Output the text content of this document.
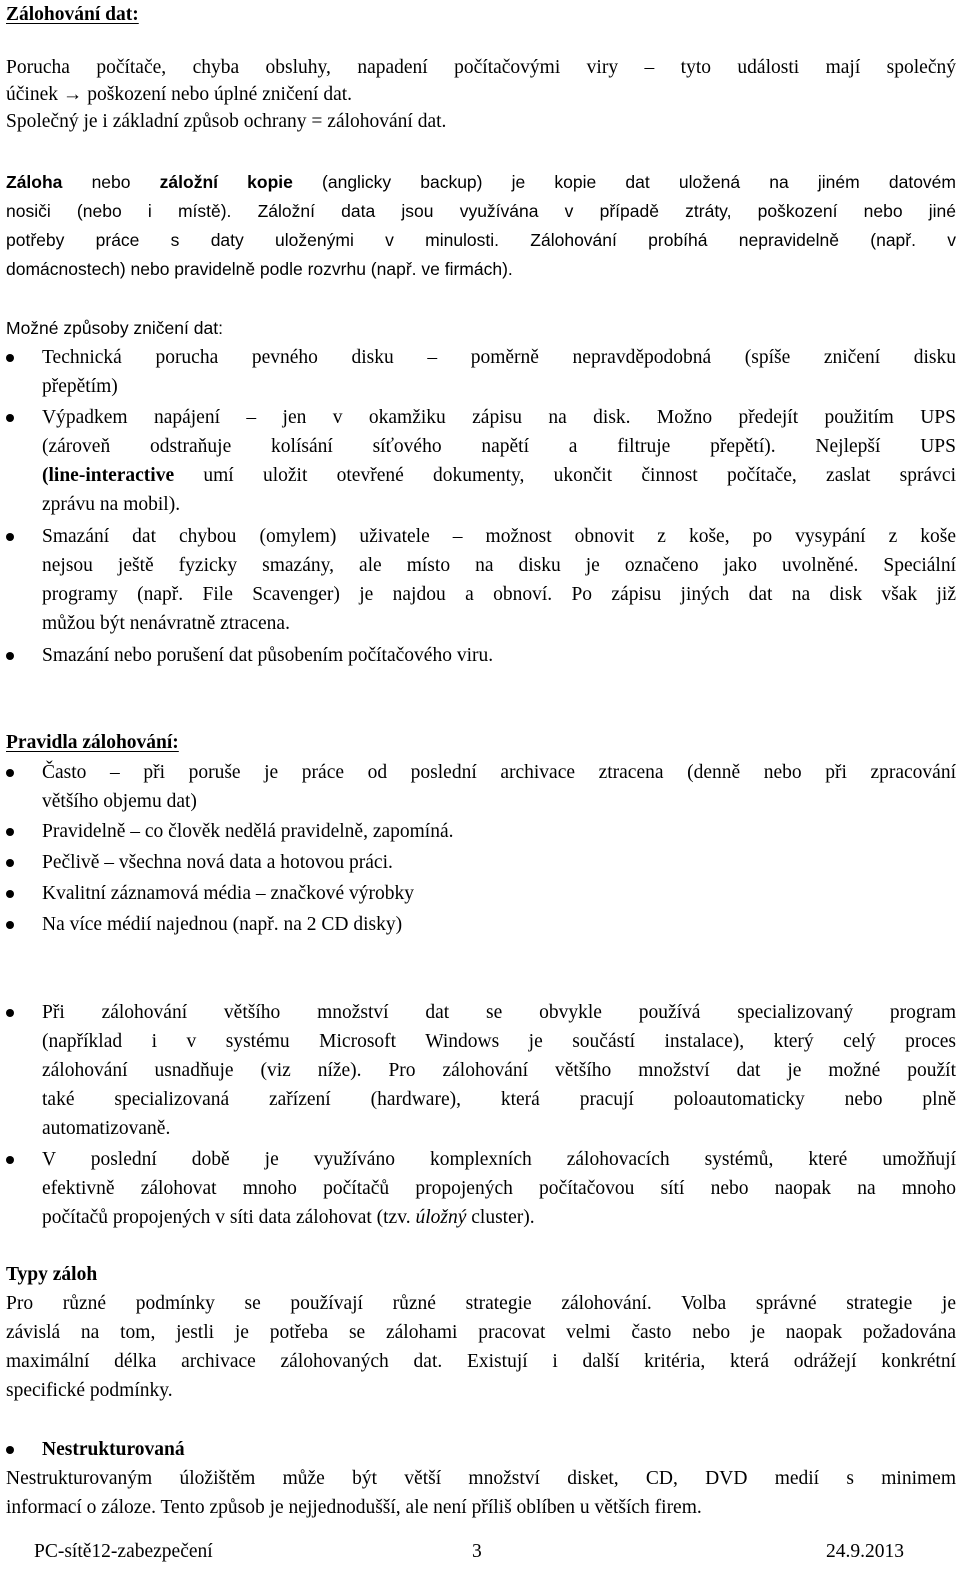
Zálohování dat:
Porucha počítače, chyba obsluhy, napadení počítačovými viry – tyto události mají společný
účinek → poškození nebo úplné zničení dat.
Společný je i základní způsob ochrany = zálohování dat.
Záloha nebo záložní kopie (anglicky backup) je kopie dat uložená na jiném datovém
nosiči (nebo i místě). Záložní data jsou využívána v případě ztráty, poškození nebo jiné
potřeby práce s daty uloženými v minulosti. Zálohování probíhá nepravidelně (např. v
domácnostech) nebo pravidelně podle rozvrhu (např. ve firmách).
Možné způsoby zničení dat:
Technická porucha pevného disku – poměrně nepravděpodobná (spíše zničení disku
přepětím)
Výpadkem napájení – jen v okamžiku zápisu na disk. Možno předejít použitím UPS
(zároveň odstraňuje kolísání síťového napětí a filtruje přepětí). Nejlepší UPS
(line-interactive umí uložit otevřené dokumenty, ukončit činnost počítače, zaslat správci
zprávu na mobil).
Smazání dat chybou (omylem) uživatele – možnost obnovit z koše, po vysypání z koše
nejsou ještě fyzicky smazány, ale místo na disku je označeno jako uvolněné. Speciální
programy (např. File Scavenger) je najdou a obnoví. Po zápisu jiných dat na disk však již
můžou být nenávratně ztracena.
Smazání nebo porušení dat působením počítačového viru.
Pravidla zálohování:
Často – při poruše je práce od poslední archivace ztracena (denně nebo při zpracování
většího objemu dat)
Pravidelně – co člověk nedělá pravidelně, zapomíná.
Pečlivě – všechna nová data a hotovou práci.
Kvalitní záznamová média – značkové výrobky
Na více médií najednou (např. na 2 CD disky)
Při zálohování většího množství dat se obvykle používá specializovaný program
(například i v systému Microsoft Windows je součástí instalace), který celý proces
zálohování usnadňuje (viz níže). Pro zálohování většího množství dat je možné použít
také specializovaná zařízení (hardware), která pracují poloautomaticky nebo plně
automatizovaně.
V poslední době je využíváno komplexních zálohovacích systémů, které umožňují
efektivně zálohovat mnoho počítačů propojených počítačovou sítí nebo naopak na mnoho
počítačů propojených v síti data zálohovat (tzv. úložný cluster).
Typy záloh
Pro různé podmínky se používají různé strategie zálohování. Volba správné strategie je
závislá na tom, jestli je potřeba se zálohami pracovat velmi často nebo je naopak požadována
maximální délka archivace zálohovaných dat. Existují i další kritéria, která odrážejí konkrétní
specifické podmínky.
Nestrukturovaná
Nestrukturovaným úložištěm může být větší množství disket, CD, DVD medií s minimem
informací o záloze. Tento způsob je nejjednodušší, ale není příliš oblíben u větších firem.
PC-sítě12-zabezpečení	3	24.9.2013
